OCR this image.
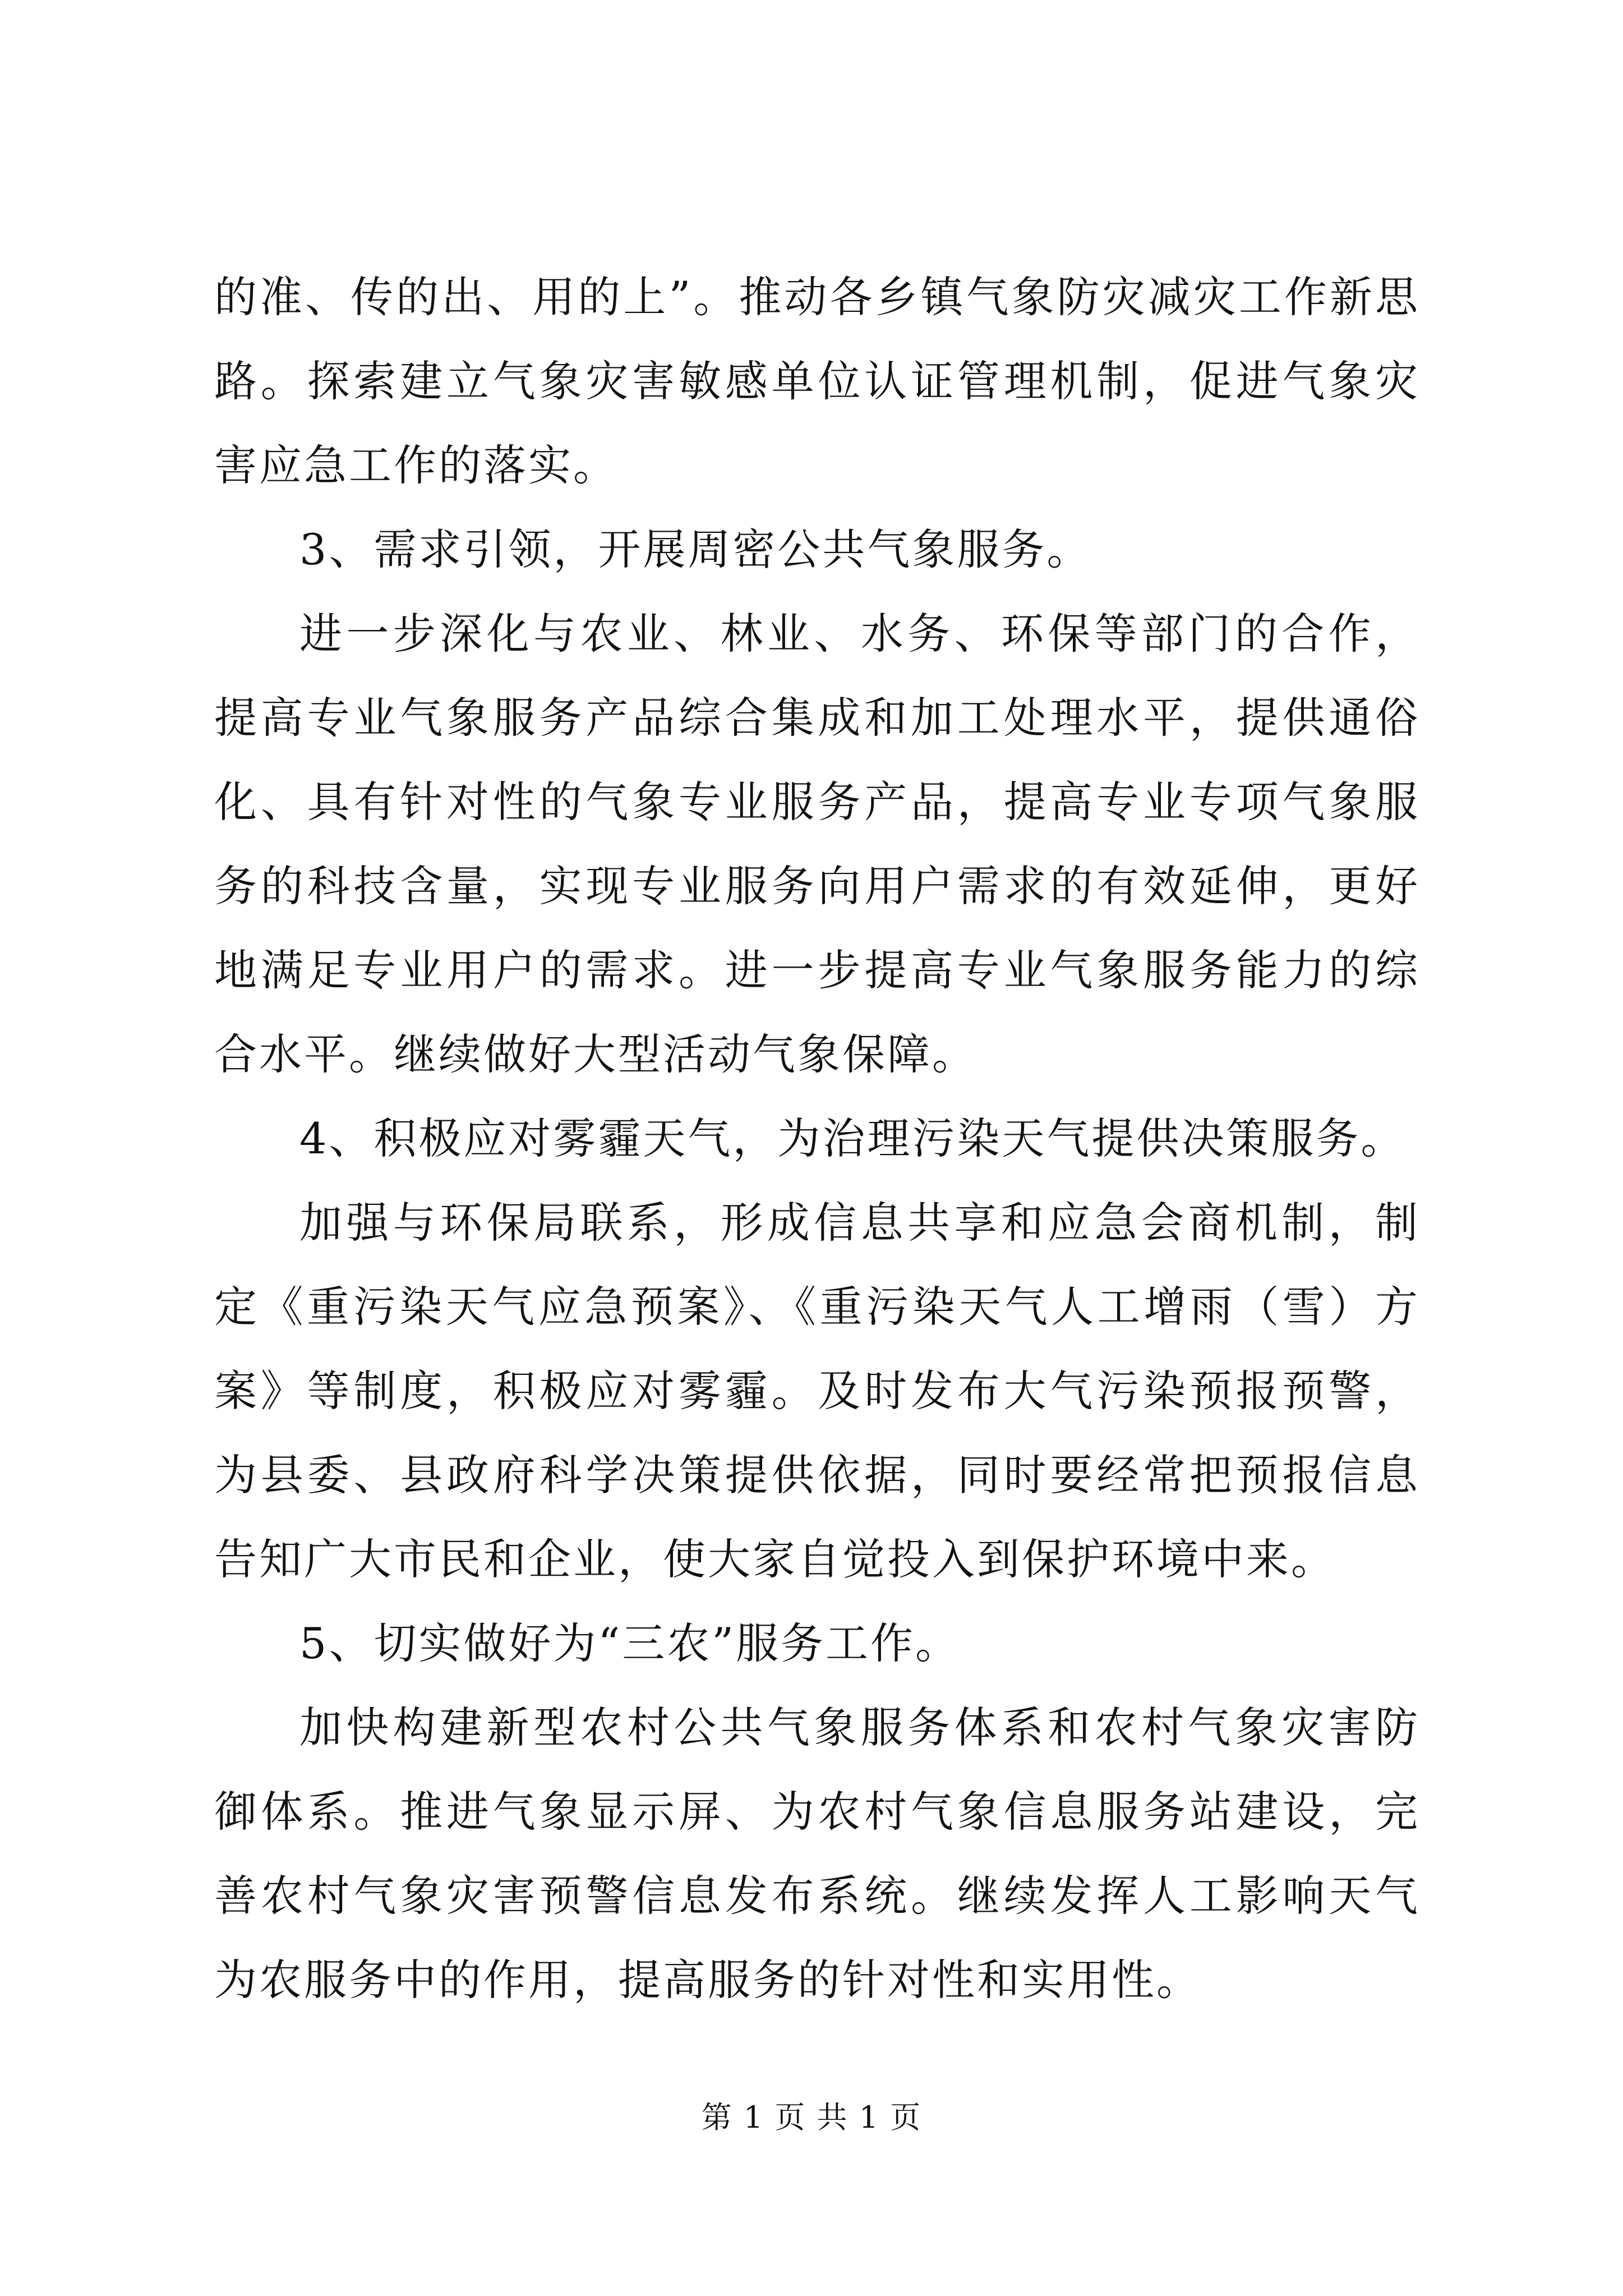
的准、传的出、用的上”。推动各乡镇气象防灾减灾工作新思路。探索建立气象灾害敏感单位认证管理机制，促进气象灾害应急工作的落实。

3、需求引领，开展周密公共气象服务。

进一步深化与农业、林业、水务、环保等部门的合作，提高专业气象服务产品综合集成和加工处理水平，提供通俗化、具有针对性的气象专业服务产品，提高专业专项气象服务的科技含量，实现专业服务向用户需求的有效延伸，更好地满足专业用户的需求。进一步提高专业气象服务能力的综合水平。继续做好大型活动气象保障。

4、积极应对雾霾天气，为治理污染天气提供决策服务。

加强与环保局联系，形成信息共享和应急会商机制，制定《重污染天气应急预案》、《重污染天气人工增雨（雪）方案》等制度，积极应对雾霾。及时发布大气污染预报预警，为县委、县政府科学决策提供依据，同时要经常把预报信息告知广大市民和企业，使大家自觉投入到保护环境中来。

5、切实做好为“三农”服务工作。

加快构建新型农村公共气象服务体系和农村气象灾害防御体系。推进气象显示屏、为农村气象信息服务站建设，完善农村气象灾害预警信息发布系统。继续发挥人工影响天气为农服务中的作用，提高服务的针对性和实用性。

第 1 页 共 1 页
